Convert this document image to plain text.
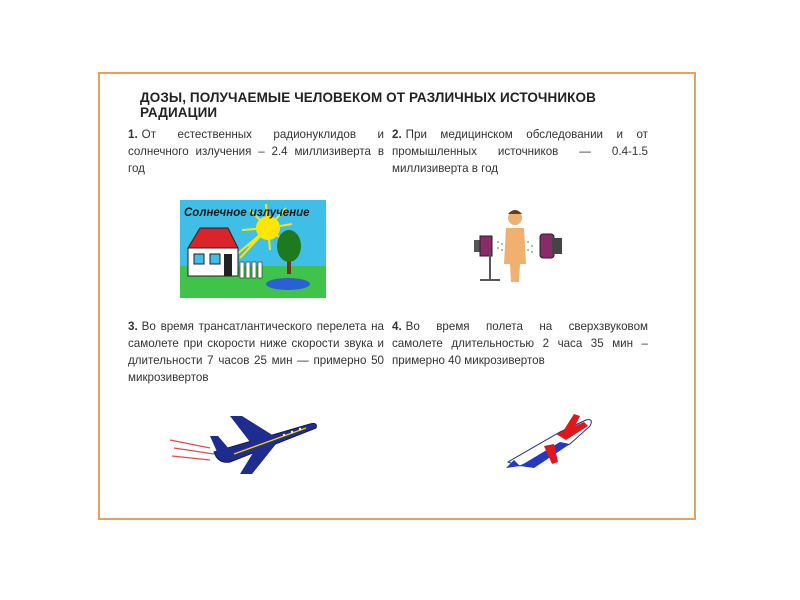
ДОЗЫ, ПОЛУЧАЕМЫЕ ЧЕЛОВЕКОМ ОТ РАЗЛИЧНЫХ ИСТОЧНИКОВ РАДИАЦИИ
1. От естественных радионуклидов и солнечного излучения – 2.4 миллизиверта в год
2. При медицинском обследовании и от промышленных источников — 0.4-1.5 миллизиверта в год
3. Во время трансатлантического перелета на самолете при скорости ниже скорости звука и длительности 7 часов 25 мин — примерно 50 микрозивертов
4. Во время полета на сверхзвуковом самолете длительностью 2 часа 35 мин – примерно 40 микрозивертов
Солнечное излучение
